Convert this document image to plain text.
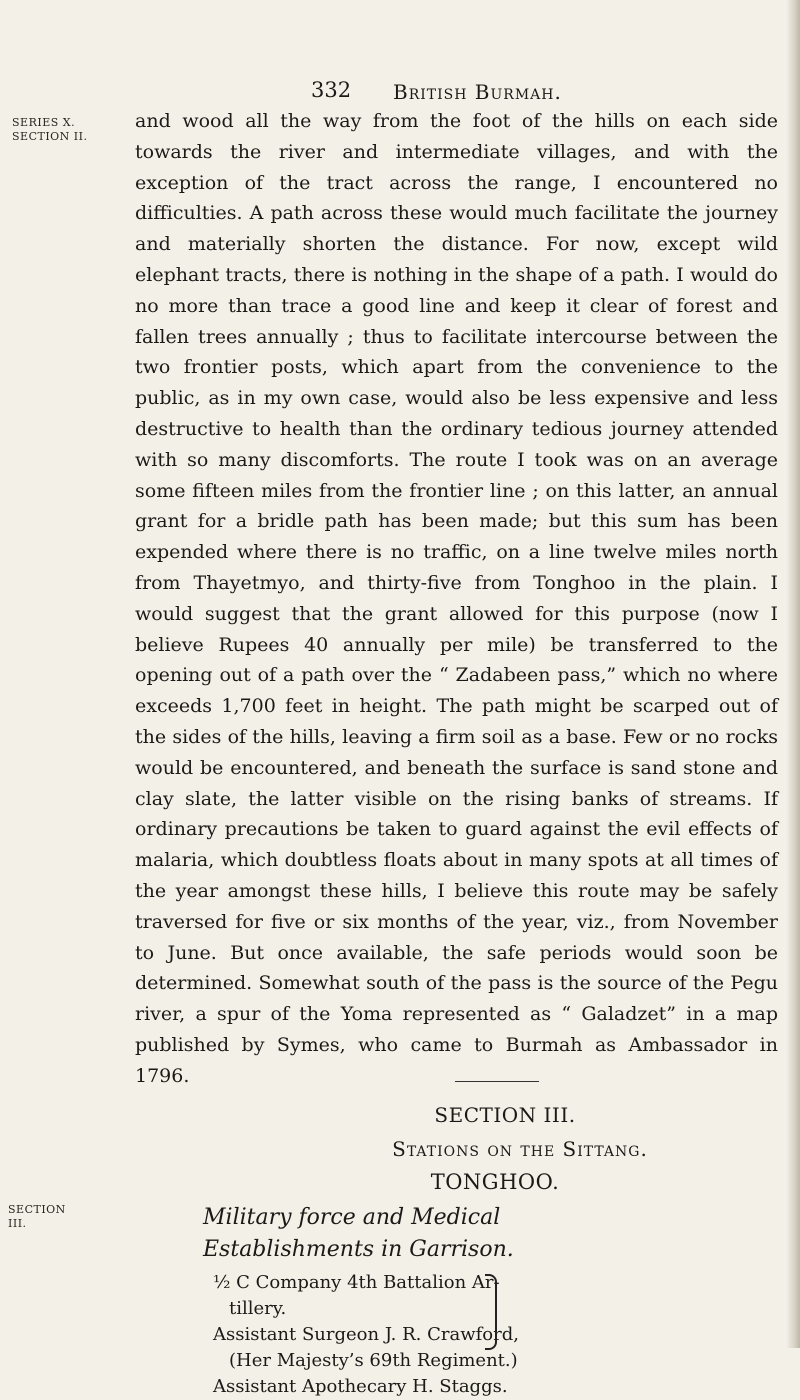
332 British Burmah.
SERIES X.
SECTION II.

and wood all the way from the foot of the hills on each side towards the river and intermediate villages, and with the exception of the tract across the range, I encountered no difficulties. A path across these would much facilitate the journey and materially shorten the distance. For now, except wild elephant tracts, there is nothing in the shape of a path. I would do no more than trace a good line and keep it clear of forest and fallen trees annually ; thus to facilitate intercourse between the two frontier posts, which apart from the convenience to the public, as in my own case, would also be less expensive and less destructive to health than the ordinary tedious journey attended with so many discomforts. The route I took was on an average some fifteen miles from the frontier line ; on this latter, an annual grant for a bridle path has been made; but this sum has been expended where there is no traffic, on a line twelve miles north from Thayetmyo, and thirty-five from Tonghoo in the plain. I would suggest that the grant allowed for this purpose (now I believe Rupees 40 annually per mile) be transferred to the opening out of a path over the “ Zadabeen pass,” which no where exceeds 1,700 feet in height. The path might be scarped out of the sides of the hills, leaving a firm soil as a base. Few or no rocks would be encountered, and beneath the surface is sand stone and clay slate, the latter visible on the rising banks of streams. If ordinary precautions be taken to guard against the evil effects of malaria, which doubtless floats about in many spots at all times of the year amongst these hills, I believe this route may be safely traversed for five or six months of the year, viz., from November to June. But once available, the safe periods would soon be determined. Somewhat south of the pass is the source of the Pegu river, a spur of the Yoma represented as “ Galadzet” in a map published by Symes, who came to Burmah as Ambassador in 1796.

SECTION III.
Stations on the Sittang.
TONGHOO.
SECTION III.	Military force and Medical
Establishments in Garrison.
½ C Company 4th Battalion Ar-
tillery.
Assistant Surgeon J. R. Crawford,
(Her Majesty’s 69th Regiment.)
Assistant Apothecary H. Staggs.
